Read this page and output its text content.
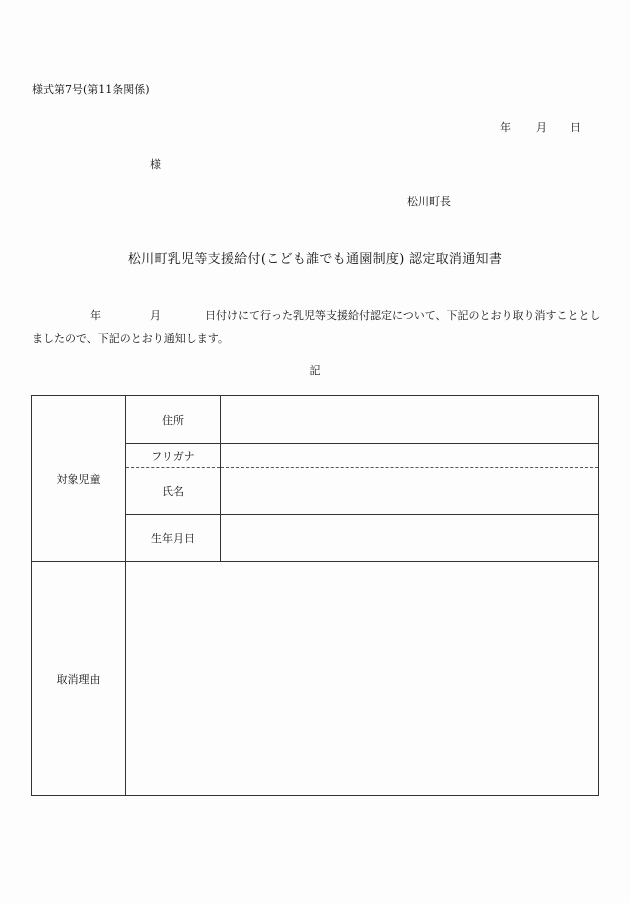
様式第7号(第11条関係)
年 月 日
様
松川町長
松川町乳児等支援給付(こども誰でも通園制度) 認定取消通知書
年	月	日付けにて行った乳児等支援給付認定について、下記のとおり取り消すこととしましたので、下記のとおり通知します。
記
対象児童	住所	
	フリガナ	
	氏名	
	生年月日	
取消理由		
